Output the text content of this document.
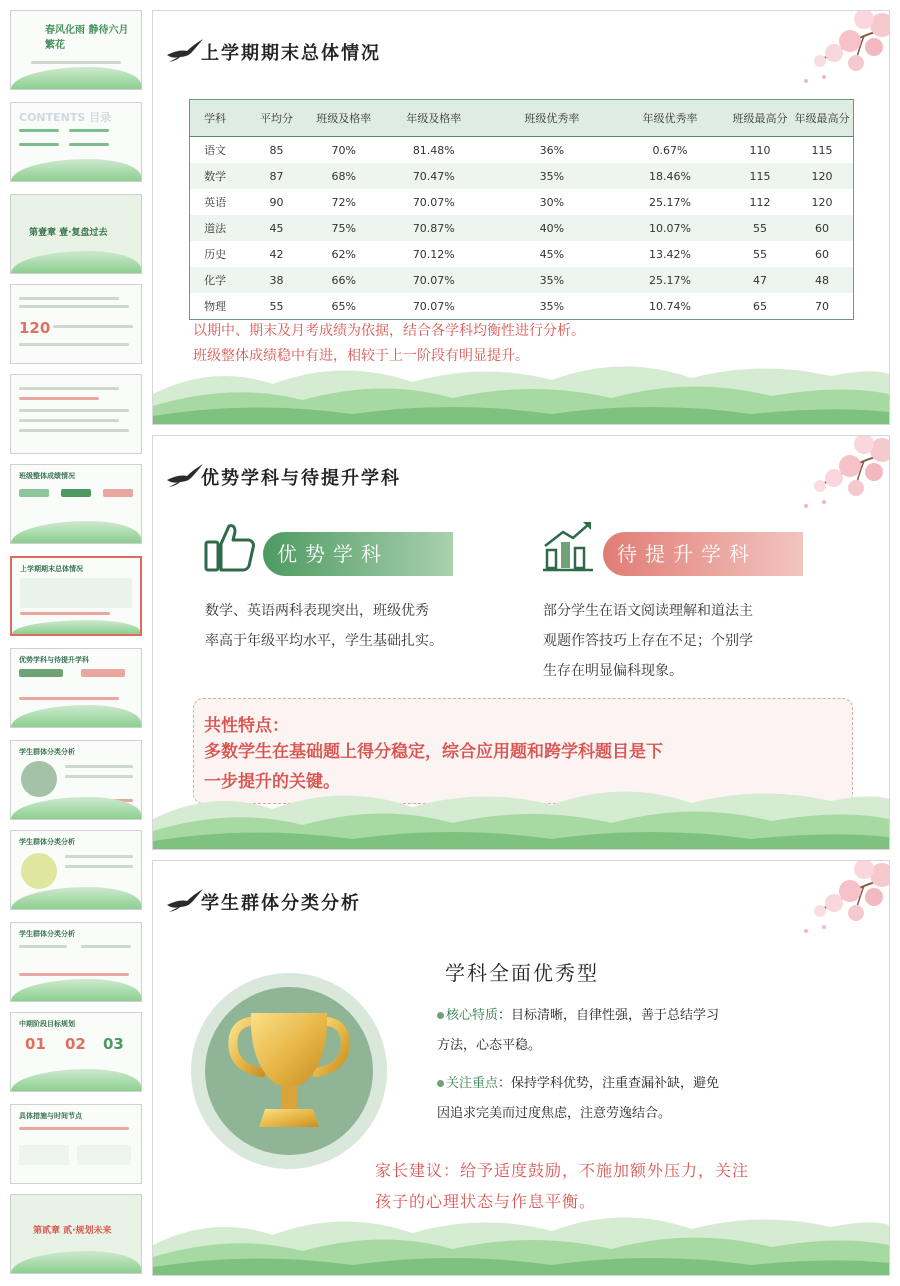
春风化雨 静待六月繁花
CONTENTS 目录
第壹章 壹·复盘过去
120
班级整体成绩情况
上学期期末总体情况
优势学科与待提升学科
学生群体分类分析
学生群体分类分析
学生群体分类分析
中期阶段目标规划
01 02 03
具体措施与时间节点
第贰章 贰·规划未来
上学期期末总体情况
学科	平均分	班级及格率	年级及格率	班级优秀率	年级优秀率	班级最高分	年级最高分
语文	85	70%	81.48%	36%	0.67%	110	115
数学	87	68%	70.47%	35%	18.46%	115	120
英语	90	72%	70.07%	30%	25.17%	112	120
道法	45	75%	70.87%	40%	10.07%	55	60
历史	42	62%	70.12%	45%	13.42%	55	60
化学	38	66%	70.07%	35%	25.17%	47	48
物理	55	65%	70.07%	35%	10.74%	65	70
以期中、期末及月考成绩为依据，结合各学科均衡性进行分析。
班级整体成绩稳中有进，相较于上一阶段有明显提升。
优势学科与待提升学科
优势学科	待提升学科
数学、英语两科表现突出，班级优秀
率高于年级平均水平，学生基础扎实。
部分学生在语文阅读理解和道法主
观题作答技巧上存在不足；个别学
生存在明显偏科现象。
共性特点：
多数学生在基础题上得分稳定，综合应用题和跨学科题目是下
一步提升的关键。
学生群体分类分析
学科全面优秀型
核心特质：目标清晰，自律性强，善于总结学习
方法，心态平稳。
关注重点：保持学科优势，注重查漏补缺，避免
因追求完美而过度焦虑，注意劳逸结合。
家长建议：给予适度鼓励，不施加额外压力，关注
孩子的心理状态与作息平衡。
